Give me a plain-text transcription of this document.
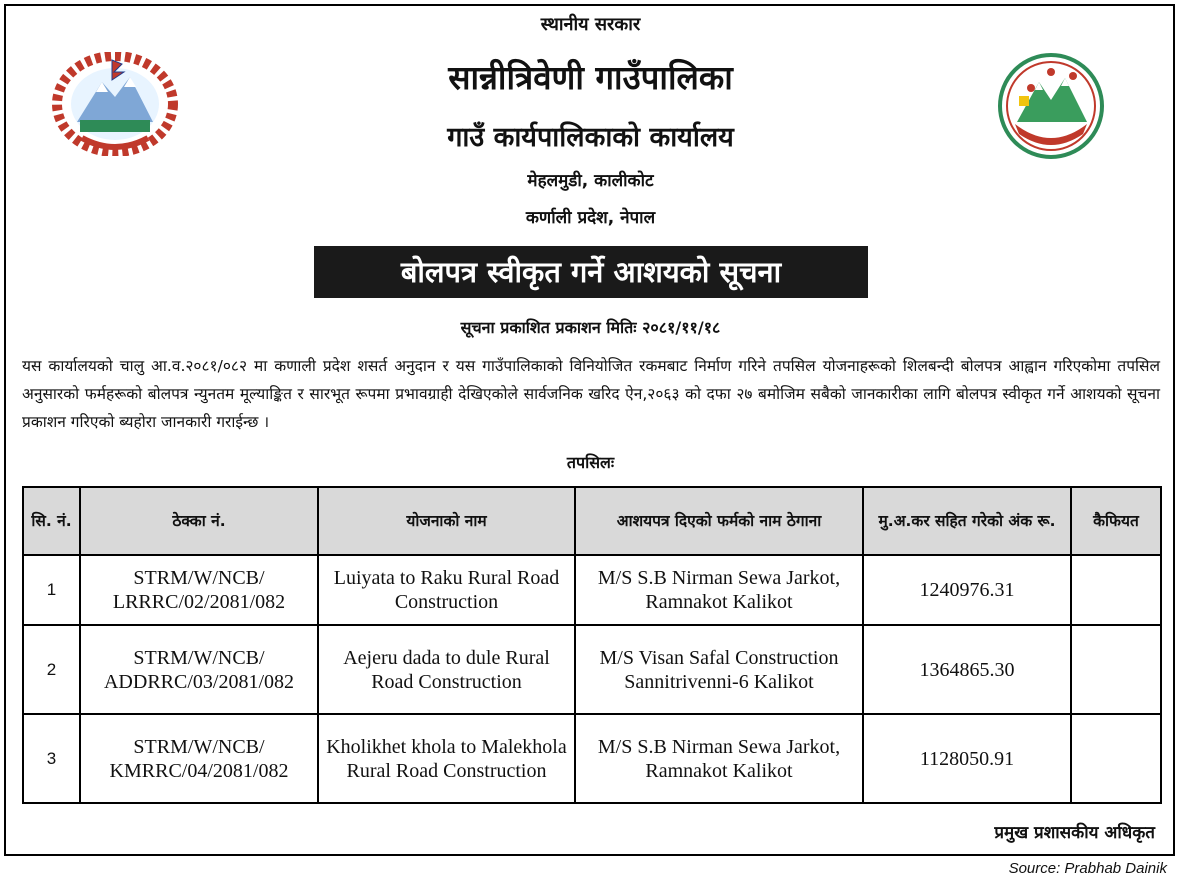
स्थानीय सरकार
सान्नीत्रिवेणी गाउँपालिका
गाउँ कार्यपालिकाको कार्यालय
मेहलमुडी, कालीकोट
कर्णाली प्रदेश, नेपाल
बोलपत्र स्वीकृत गर्ने आशयको सूचना
सूचना प्रकाशित प्रकाशन मितिः २०८१/११/१८
यस कार्यालयको चालु आ.व.२०८१/०८२ मा कणाली प्रदेश शसर्त अनुदान र यस गाउँपालिकाको विनियोजित रकमबाट निर्माण गरिने तपसिल योजनाहरूको शिलबन्दी बोलपत्र आह्वान गरिएकोमा तपसिल अनुसारको फर्महरूको बोलपत्र न्युनतम मूल्याङ्कित र सारभूत रूपमा प्रभावग्राही देखिएकोले सार्वजनिक खरिद ऐन,२०६३ को दफा २७ बमोजिम सबैको जानकारीका लागि बोलपत्र स्वीकृत गर्ने आशयको सूचना प्रकाशन गरिएको ब्यहोरा जानकारी गराईन्छ ।
तपसिलः
सि. नं.	ठेक्का नं.	योजनाको नाम	आशयपत्र दिएको फर्मको नाम ठेगाना	मु.अ.कर सहित गरेको अंक रू.	कैफियत
1	STRM/W/NCB/ LRRRC/02/2081/082	Luiyata to Raku Rural Road Construction	M/S S.B Nirman Sewa Jarkot, Ramnakot Kalikot	1240976.31	
2	STRM/W/NCB/ ADDRRC/03/2081/082	Aejeru dada to dule Rural Road Construction	M/S Visan Safal Construction Sannitrivenni-6 Kalikot	1364865.30	
3	STRM/W/NCB/ KMRRC/04/2081/082	Kholikhet khola to Malekhola Rural Road Construction	M/S S.B Nirman Sewa Jarkot, Ramnakot Kalikot	1128050.91	
प्रमुख प्रशासकीय अधिकृत
Source: Prabhab Dainik
